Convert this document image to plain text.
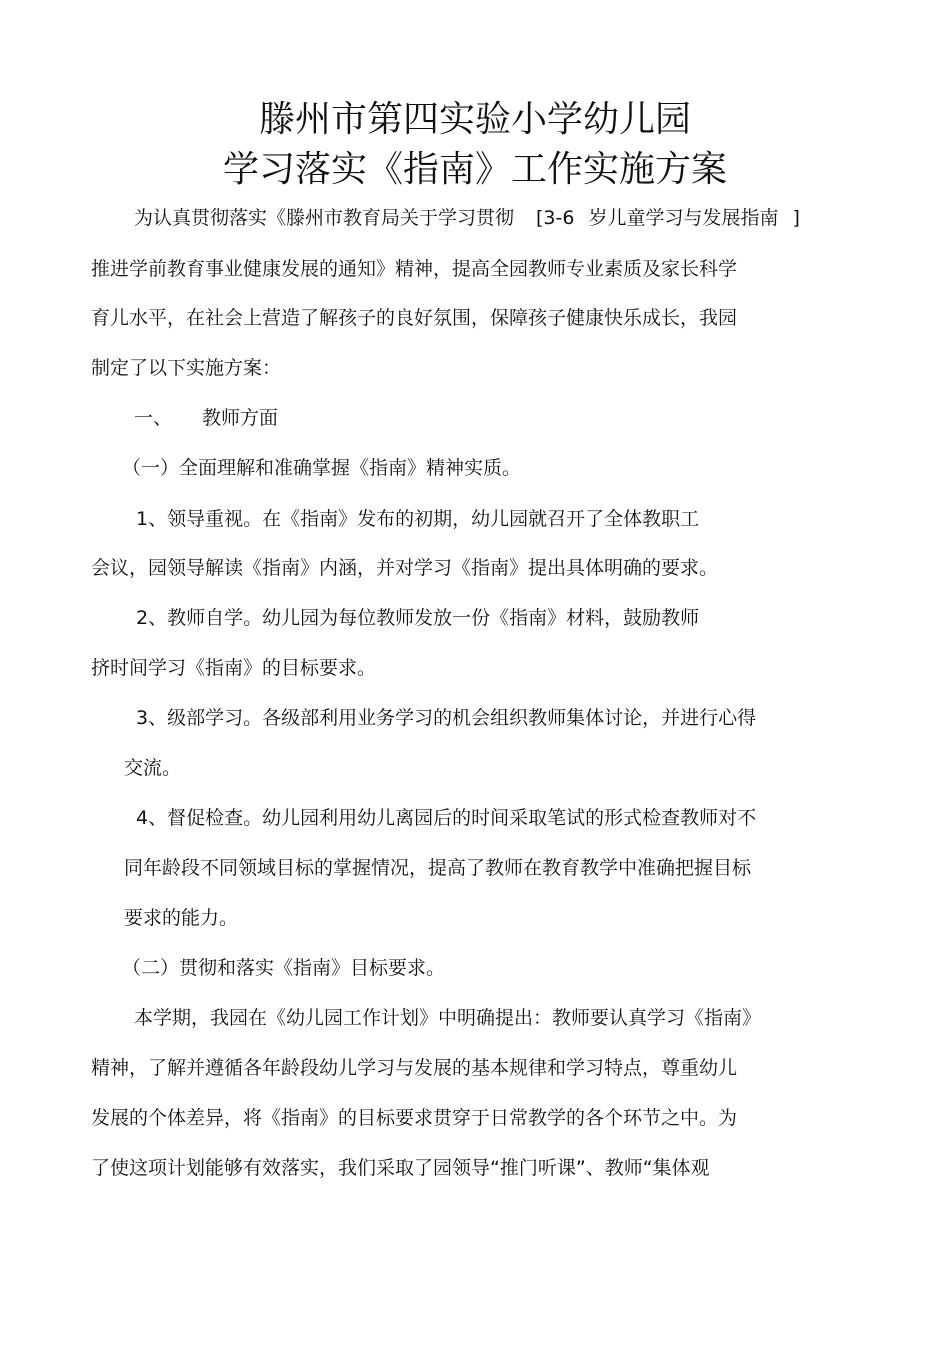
滕州市第四实验小学幼儿园
学习落实《指南》工作实施方案
为认真贯彻落实《滕州市教育局关于学习贯彻 [3-6 岁儿童学习与发展指南 ]
推进学前教育事业健康发展的通知》精神，提高全园教师专业素质及家长科学
育儿水平，在社会上营造了解孩子的良好氛围，保障孩子健康快乐成长，我园
制定了以下实施方案：
一、 教师方面
（一）全面理解和准确掌握《指南》精神实质。
1、领导重视。在《指南》发布的初期，幼儿园就召开了全体教职工
会议，园领导解读《指南》内涵，并对学习《指南》提出具体明确的要求。
2、教师自学。幼儿园为每位教师发放一份《指南》材料，鼓励教师
挤时间学习《指南》的目标要求。
3、级部学习。各级部利用业务学习的机会组织教师集体讨论，并进行心得
交流。
4、督促检查。幼儿园利用幼儿离园后的时间采取笔试的形式检查教师对不
同年龄段不同领域目标的掌握情况，提高了教师在教育教学中准确把握目标
要求的能力。
（二）贯彻和落实《指南》目标要求。
本学期，我园在《幼儿园工作计划》中明确提出：教师要认真学习《指南》
精神，了解并遵循各年龄段幼儿学习与发展的基本规律和学习特点，尊重幼儿
发展的个体差异，将《指南》的目标要求贯穿于日常教学的各个环节之中。为
了使这项计划能够有效落实，我们采取了园领导“推门听课”、教师“集体观
